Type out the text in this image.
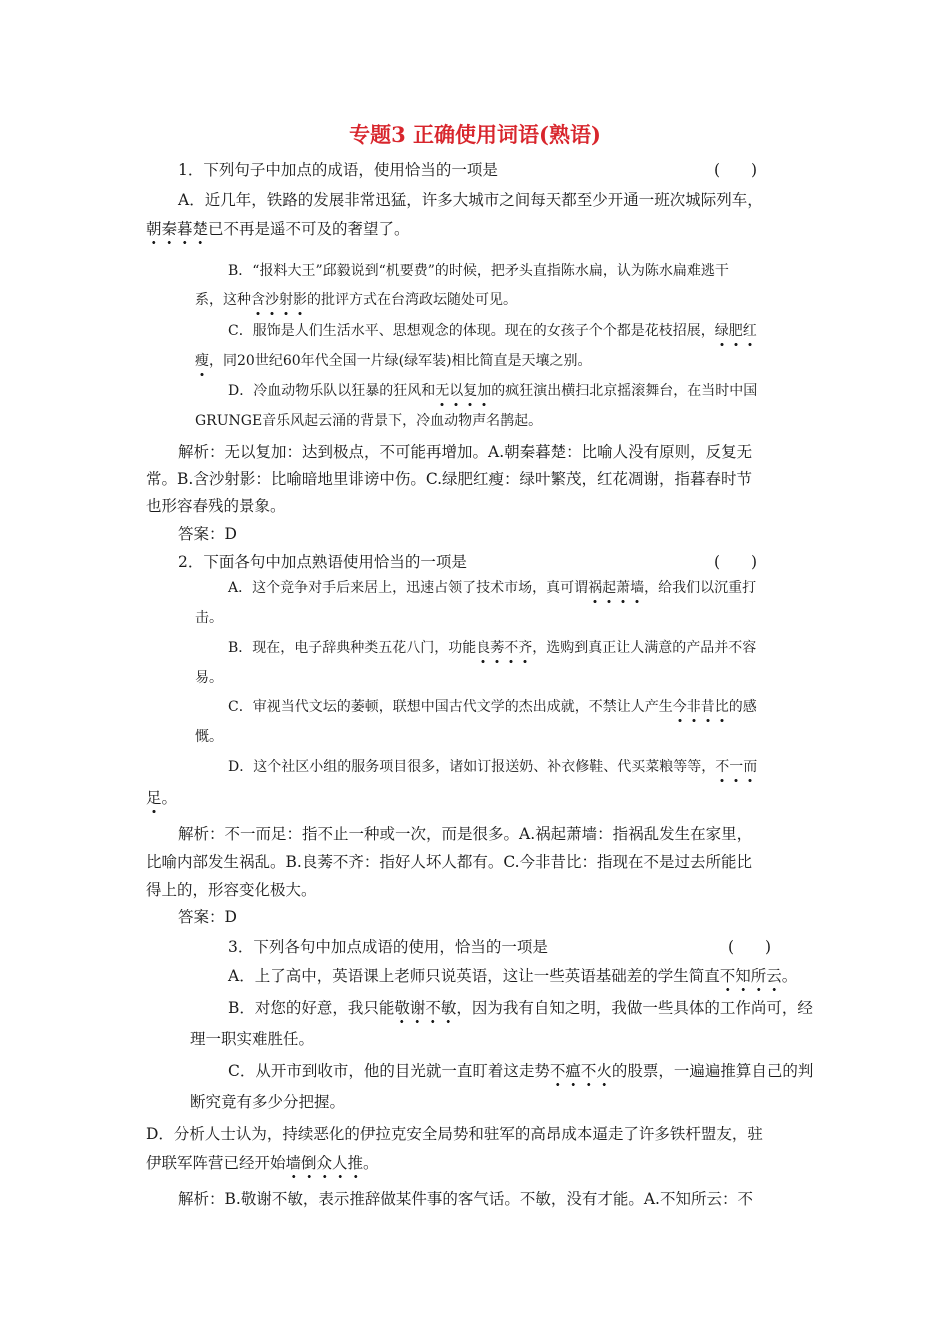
专题3 正确使用词语(熟语)
1．下列句子中加点的成语，使用恰当的一项是	(　　)
A．近几年，铁路的发展非常迅猛，许多大城市之间每天都至少开通一班次城际列车，
朝秦暮楚已不再是遥不可及的奢望了。
B．“报料大王”邱毅说到“机要费”的时候，把矛头直指陈水扁，认为陈水扁难逃干
系，这种含沙射影的批评方式在台湾政坛随处可见。
C．服饰是人们生活水平、思想观念的体现。现在的女孩子个个都是花枝招展，绿肥红
瘦，同20世纪60年代全国一片绿(绿军装)相比简直是天壤之别。
D．冷血动物乐队以狂暴的狂风和无以复加的疯狂演出横扫北京摇滚舞台，在当时中国
GRUNGE音乐风起云涌的背景下，冷血动物声名鹊起。
解析：无以复加：达到极点，不可能再增加。A.朝秦暮楚：比喻人没有原则，反复无
常。B.含沙射影：比喻暗地里诽谤中伤。C.绿肥红瘦：绿叶繁茂，红花凋谢，指暮春时节
也形容春残的景象。
答案：D
2．下面各句中加点熟语使用恰当的一项是	(　　)
A．这个竞争对手后来居上，迅速占领了技术市场，真可谓祸起萧墙，给我们以沉重打
击。
B．现在，电子辞典种类五花八门，功能良莠不齐，选购到真正让人满意的产品并不容
易。
C．审视当代文坛的萎顿，联想中国古代文学的杰出成就，不禁让人产生今非昔比的感
慨。
D．这个社区小组的服务项目很多，诸如订报送奶、补衣修鞋、代买菜粮等等，不一而
足。
解析：不一而足：指不止一种或一次，而是很多。A.祸起萧墙：指祸乱发生在家里，
比喻内部发生祸乱。B.良莠不齐：指好人坏人都有。C.今非昔比：指现在不是过去所能比
得上的，形容变化极大。
答案：D
3．下列各句中加点成语的使用，恰当的一项是	(　　)
A．上了高中，英语课上老师只说英语，这让一些英语基础差的学生简直不知所云。
B．对您的好意，我只能敬谢不敏，因为我有自知之明，我做一些具体的工作尚可，经
理一职实难胜任。
C．从开市到收市，他的目光就一直盯着这走势不瘟不火的股票，一遍遍推算自己的判
断究竟有多少分把握。
D．分析人士认为，持续恶化的伊拉克安全局势和驻军的高昂成本逼走了许多铁杆盟友，驻
伊联军阵营已经开始墙倒众人推。
解析：B.敬谢不敏，表示推辞做某件事的客气话。不敏，没有才能。A.不知所云：不
